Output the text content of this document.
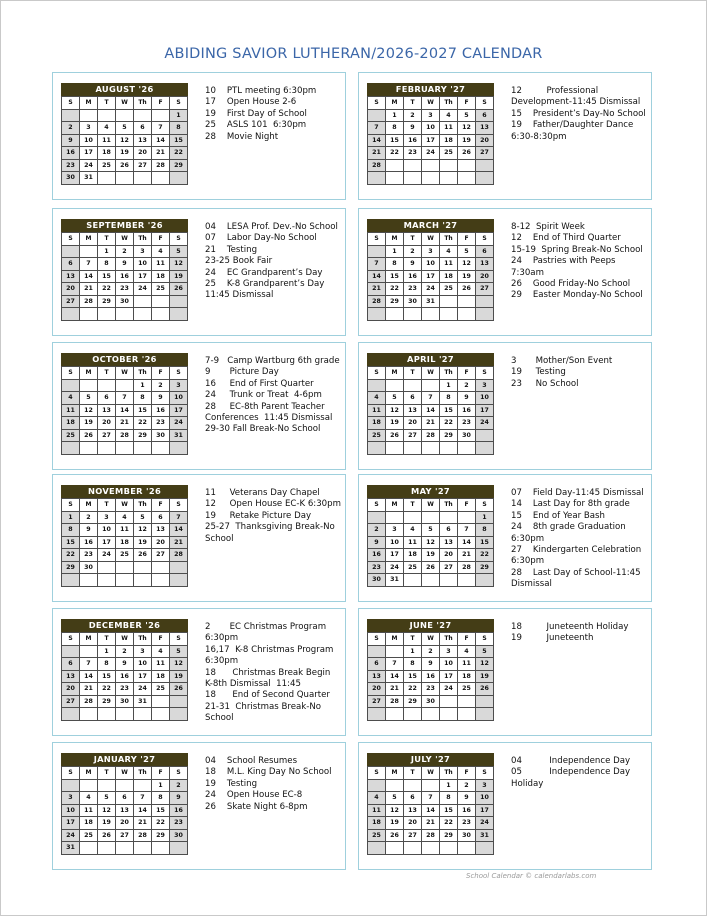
ABIDING SAVIOR LUTHERAN/2026-2027 CALENDAR
AUGUST '26
S	M	T	W	Th	F	S
						1
2	3	4	5	6	7	8
9	10	11	12	13	14	15
16	17	18	19	20	21	22
23	24	25	26	27	28	29
30	31					
10    PTL meeting 6:30pm
17    Open House 2-6
19    First Day of School
25    ASLS 101  6:30pm
28    Movie Night
FEBRUARY '27
S	M	T	W	Th	F	S
	1	2	3	4	5	6
7	8	9	10	11	12	13
14	15	16	17	18	19	20
21	22	23	24	25	26	27
28						

12         Professional Development-11:45 Dismissal
15    President’s Day-No School
19    Father/Daughter Dance 6:30-8:30pm
SEPTEMBER '26
S	M	T	W	Th	F	S
		1	2	3	4	5
6	7	8	9	10	11	12
13	14	15	16	17	18	19
20	21	22	23	24	25	26
27	28	29	30			

04    LESA Prof. Dev.-No School
07    Labor Day-No School
21    Testing
23-25 Book Fair
24    EC Grandparent’s Day
25    K-8 Grandparent’s Day 11:45 Dismissal
MARCH '27
S	M	T	W	Th	F	S
	1	2	3	4	5	6
7	8	9	10	11	12	13
14	15	16	17	18	19	20
21	22	23	24	25	26	27
28	29	30	31			

8-12  Spirit Week
12    End of Third Quarter
15-19  Spring Break-No School
24    Pastries with Peeps 7:30am
26    Good Friday-No School
29    Easter Monday-No School
OCTOBER '26
S	M	T	W	Th	F	S
				1	2	3
4	5	6	7	8	9	10
11	12	13	14	15	16	17
18	19	20	21	22	23	24
25	26	27	28	29	30	31

7-9   Camp Wartburg 6th grade
9       Picture Day
16     End of First Quarter
24     Trunk or Treat  4-6pm
28     EC-8th Parent Teacher Conferences  11:45 Dismissal
29-30 Fall Break-No School
APRIL '27
S	M	T	W	Th	F	S
				1	2	3
4	5	6	7	8	9	10
11	12	13	14	15	16	17
18	19	20	21	22	23	24
25	26	27	28	29	30	

3       Mother/Son Event
19     Testing
23     No School
NOVEMBER '26
S	M	T	W	Th	F	S
1	2	3	4	5	6	7
8	9	10	11	12	13	14
15	16	17	18	19	20	21
22	23	24	25	26	27	28
29	30					

11     Veterans Day Chapel
12     Open House EC-K 6:30pm
19     Retake Picture Day
25-27  Thanksgiving Break-No School
MAY '27
S	M	T	W	Th	F	S
						1
2	3	4	5	6	7	8
9	10	11	12	13	14	15
16	17	18	19	20	21	22
23	24	25	26	27	28	29
30	31					
07    Field Day-11:45 Dismissal
14    Last Day for 8th grade
15    End of Year Bash
24    8th grade Graduation 6:30pm
27    Kindergarten Celebration 6:30pm
28    Last Day of School-11:45 Dismissal
DECEMBER '26
S	M	T	W	Th	F	S
		1	2	3	4	5
6	7	8	9	10	11	12
13	14	15	16	17	18	19
20	21	22	23	24	25	26
27	28	29	30	31		

2       EC Christmas Program 6:30pm
16,17  K-8 Christmas Program 6:30pm
18      Christmas Break Begin  K-8th Dismissal  11:45
18      End of Second Quarter
21-31  Christmas Break-No School
JUNE '27
S	M	T	W	Th	F	S
		1	2	3	4	5
6	7	8	9	10	11	12
13	14	15	16	17	18	19
20	21	22	23	24	25	26
27	28	29	30			

18         Juneteenth Holiday
19         Juneteenth
JANUARY '27
S	M	T	W	Th	F	S
					1	2
3	4	5	6	7	8	9
10	11	12	13	14	15	16
17	18	19	20	21	22	23
24	25	26	27	28	29	30
31						
04    School Resumes
18    M.L. King Day No School
19    Testing
24    Open House EC-8
26    Skate Night 6-8pm
JULY '27
S	M	T	W	Th	F	S
				1	2	3
4	5	6	7	8	9	10
11	12	13	14	15	16	17
18	19	20	21	22	23	24
25	26	27	28	29	30	31

04          Independence Day
05          Independence Day           Holiday
School Calendar © calendarlabs.com
